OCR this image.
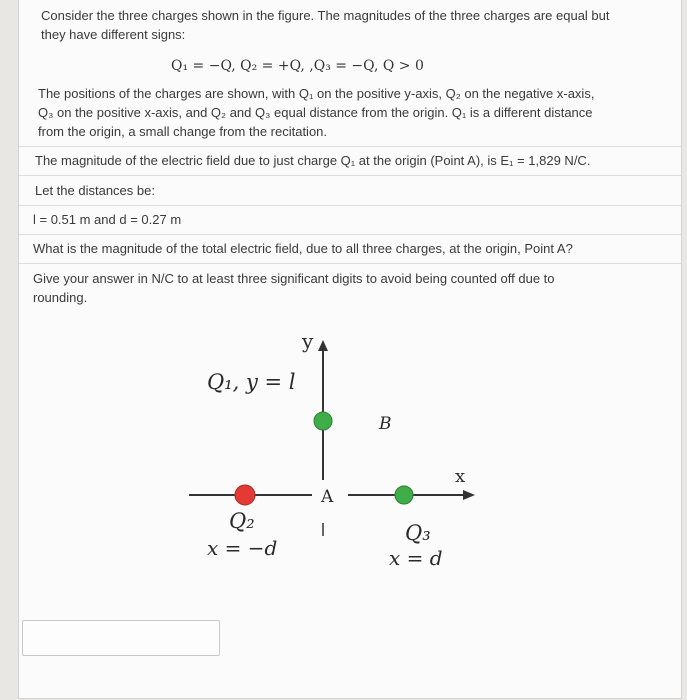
Consider the three charges shown in the figure. The magnitudes of the three charges are equal but
they have different signs:
Q₁ = −Q, Q₂ = +Q, ,Q₃ = −Q, Q > 0
The positions of the charges are shown, with Q₁ on the positive y-axis, Q₂ on the negative x-axis,
Q₃ on the positive x-axis, and Q₂ and Q₃ equal distance from the origin. Q₁ is a different distance
from the origin, a small change from the recitation.
The magnitude of the electric field due to just charge Q₁ at the origin (Point A), is E₁ = 1,829 N/C.
Let the distances be:
l = 0.51 m and d = 0.27 m
What is the magnitude of the total electric field, due to all three charges, at the origin, Point A?
Give your answer in N/C to at least three significant digits to avoid being counted off due to
rounding.
y
Q₁, y = l
B
A
x
Q₂
x = −d
Q₃
x = d
